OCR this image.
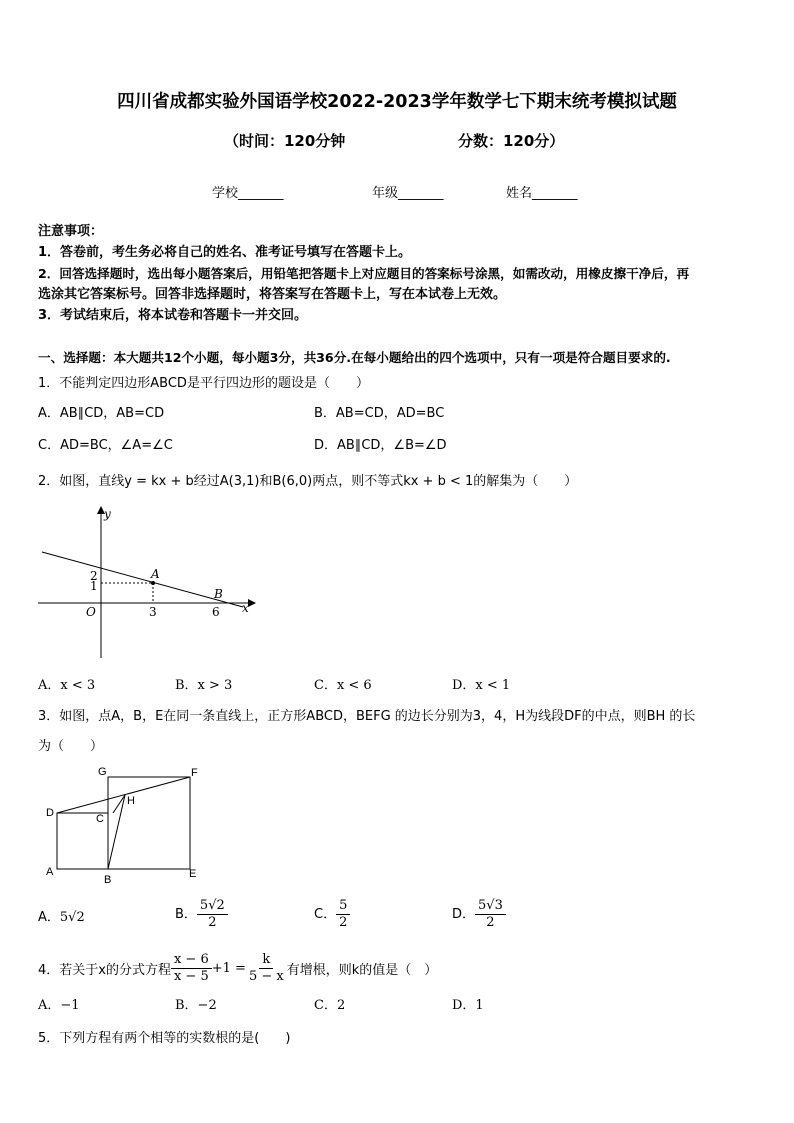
四川省成都实验外国语学校2022-2023学年数学七下期末统考模拟试题
（时间：120分钟	分数：120分）
学校_______	年级_______	姓名_______
注意事项：
1．答卷前，考生务必将自己的姓名、准考证号填写在答题卡上。
2．回答选择题时，选出每小题答案后，用铅笔把答题卡上对应题目的答案标号涂黑，如需改动，用橡皮擦干净后，再
选涂其它答案标号。回答非选择题时，将答案写在答题卡上，写在本试卷上无效。
3．考试结束后，将本试卷和答题卡一并交回。
一、选择题：本大题共12个小题，每小题3分，共36分.在每小题给出的四个选项中，只有一项是符合题目要求的.
1．不能判定四边形ABCD是平行四边形的题设是（　　）
A．AB∥CD，AB=CD	B．AB=CD，AD=BC
C．AD=BC，∠A=∠C	D．AB∥CD，∠B=∠D
2．如图，直线y = kx + b经过A(3,1)和B(6,0)两点，则不等式kx + b < 1的解集为（　　）
y
x
O
2
1
3	6
A
B
A．x < 3	B．x > 3	C．x < 6	D．x < 1
3．如图，点A，B，E在同一条直线上，正方形ABCD，BEFG 的边长分别为3，4，H为线段DF的中点，则BH 的长
为（　　）
G	F
D	C
H
A
B	E
A．5√2	B． $\frac{5√2}{2}$	C． $\frac{5}{2}$	D． $\frac{5√3}{2}$
4．若关于x的分式方程 $\frac{x - 6}{x - 5} +1 = \frac{k}{5 - x}$ 有增根，则k的值是（　）
A．−1	B．−2	C．2	D．1
5．下列方程有两个相等的实数根的是(　　)
